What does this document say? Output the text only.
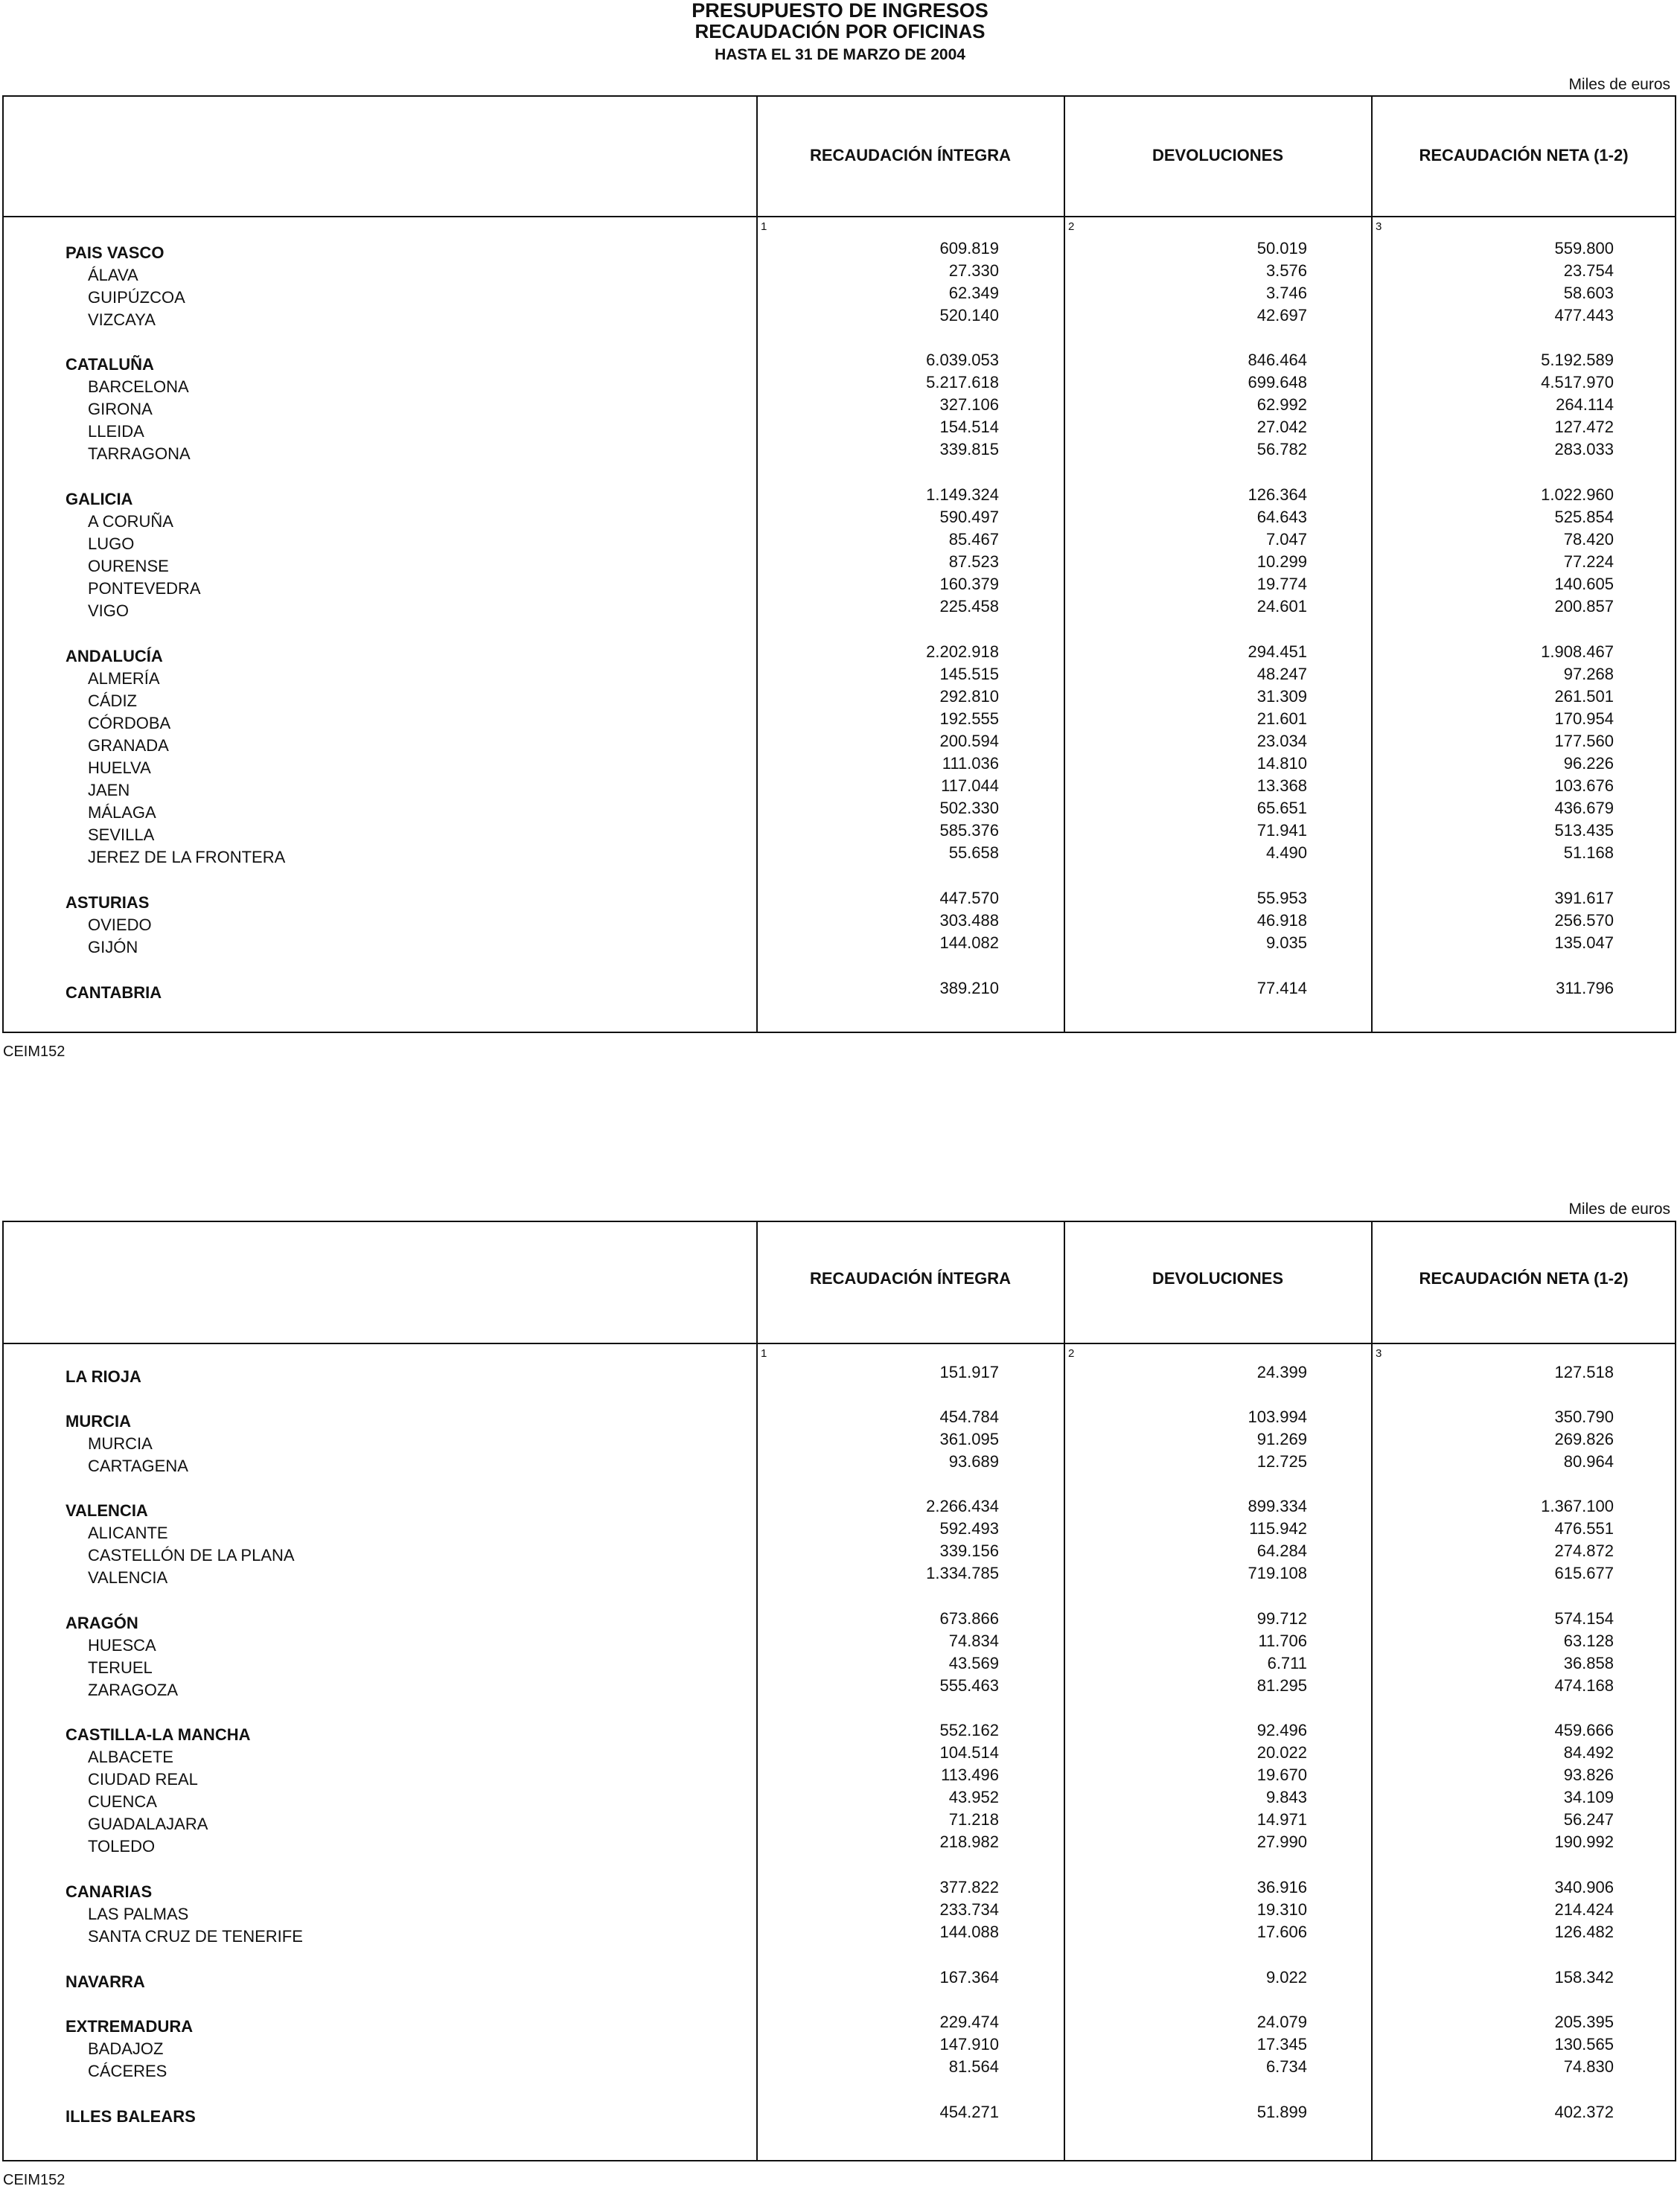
PRESUPUESTO DE INGRESOS
RECAUDACIÓN POR OFICINAS
HASTA EL 31 DE MARZO DE 2004
Miles de euros
RECAUDACIÓN ÍNTEGRA
1
DEVOLUCIONES
2
RECAUDACIÓN NETA (1-2)
3
PAIS VASCO	609.819	50.019	559.800
ÁLAVA	27.330	3.576	23.754
GUIPÚZCOA	62.349	3.746	58.603
VIZCAYA	520.140	42.697	477.443
CATALUÑA	6.039.053	846.464	5.192.589
BARCELONA	5.217.618	699.648	4.517.970
GIRONA	327.106	62.992	264.114
LLEIDA	154.514	27.042	127.472
TARRAGONA	339.815	56.782	283.033
GALICIA	1.149.324	126.364	1.022.960
A CORUÑA	590.497	64.643	525.854
LUGO	85.467	7.047	78.420
OURENSE	87.523	10.299	77.224
PONTEVEDRA	160.379	19.774	140.605
VIGO	225.458	24.601	200.857
ANDALUCÍA	2.202.918	294.451	1.908.467
ALMERÍA	145.515	48.247	97.268
CÁDIZ	292.810	31.309	261.501
CÓRDOBA	192.555	21.601	170.954
GRANADA	200.594	23.034	177.560
HUELVA	111.036	14.810	96.226
JAEN	117.044	13.368	103.676
MÁLAGA	502.330	65.651	436.679
SEVILLA	585.376	71.941	513.435
JEREZ DE LA FRONTERA	55.658	4.490	51.168
ASTURIAS	447.570	55.953	391.617
OVIEDO	303.488	46.918	256.570
GIJÓN	144.082	9.035	135.047
CANTABRIA	389.210	77.414	311.796
CEIM152
Miles de euros
RECAUDACIÓN ÍNTEGRA
1
DEVOLUCIONES
2
RECAUDACIÓN NETA (1-2)
3
LA RIOJA	151.917	24.399	127.518
MURCIA	454.784	103.994	350.790
MURCIA	361.095	91.269	269.826
CARTAGENA	93.689	12.725	80.964
VALENCIA	2.266.434	899.334	1.367.100
ALICANTE	592.493	115.942	476.551
CASTELLÓN DE LA PLANA	339.156	64.284	274.872
VALENCIA	1.334.785	719.108	615.677
ARAGÓN	673.866	99.712	574.154
HUESCA	74.834	11.706	63.128
TERUEL	43.569	6.711	36.858
ZARAGOZA	555.463	81.295	474.168
CASTILLA-LA MANCHA	552.162	92.496	459.666
ALBACETE	104.514	20.022	84.492
CIUDAD REAL	113.496	19.670	93.826
CUENCA	43.952	9.843	34.109
GUADALAJARA	71.218	14.971	56.247
TOLEDO	218.982	27.990	190.992
CANARIAS	377.822	36.916	340.906
LAS PALMAS	233.734	19.310	214.424
SANTA CRUZ DE TENERIFE	144.088	17.606	126.482
NAVARRA	167.364	9.022	158.342
EXTREMADURA	229.474	24.079	205.395
BADAJOZ	147.910	17.345	130.565
CÁCERES	81.564	6.734	74.830
ILLES BALEARS	454.271	51.899	402.372
CEIM152
